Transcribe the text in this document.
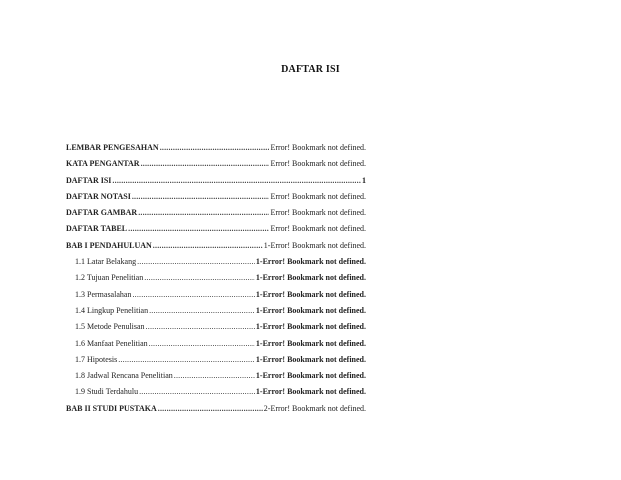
DAFTAR ISI
LEMBAR PENGESAHAN .....	Error! Bookmark not defined.
KATA PENGANTAR .....	Error! Bookmark not defined.
DAFTAR ISI .....	1
DAFTAR NOTASI .....	Error! Bookmark not defined.
DAFTAR GAMBAR .....	Error! Bookmark not defined.
DAFTAR TABEL .....	Error! Bookmark not defined.
BAB I PENDAHULUAN .....	1-Error! Bookmark not defined.
1.1 Latar Belakang .....	1-Error! Bookmark not defined.
1.2 Tujuan Penelitian .....	1-Error! Bookmark not defined.
1.3 Permasalahan .....	1-Error! Bookmark not defined.
1.4 Lingkup Penelitian .....	1-Error! Bookmark not defined.
1.5 Metode Penulisan .....	1-Error! Bookmark not defined.
1.6 Manfaat Penelitian .....	1-Error! Bookmark not defined.
1.7 Hipotesis .....	1-Error! Bookmark not defined.
1.8 Jadwal Rencana Penelitian .....	1-Error! Bookmark not defined.
1.9 Studi Terdahulu .....	1-Error! Bookmark not defined.
BAB II STUDI PUSTAKA .....	2-Error! Bookmark not defined.
